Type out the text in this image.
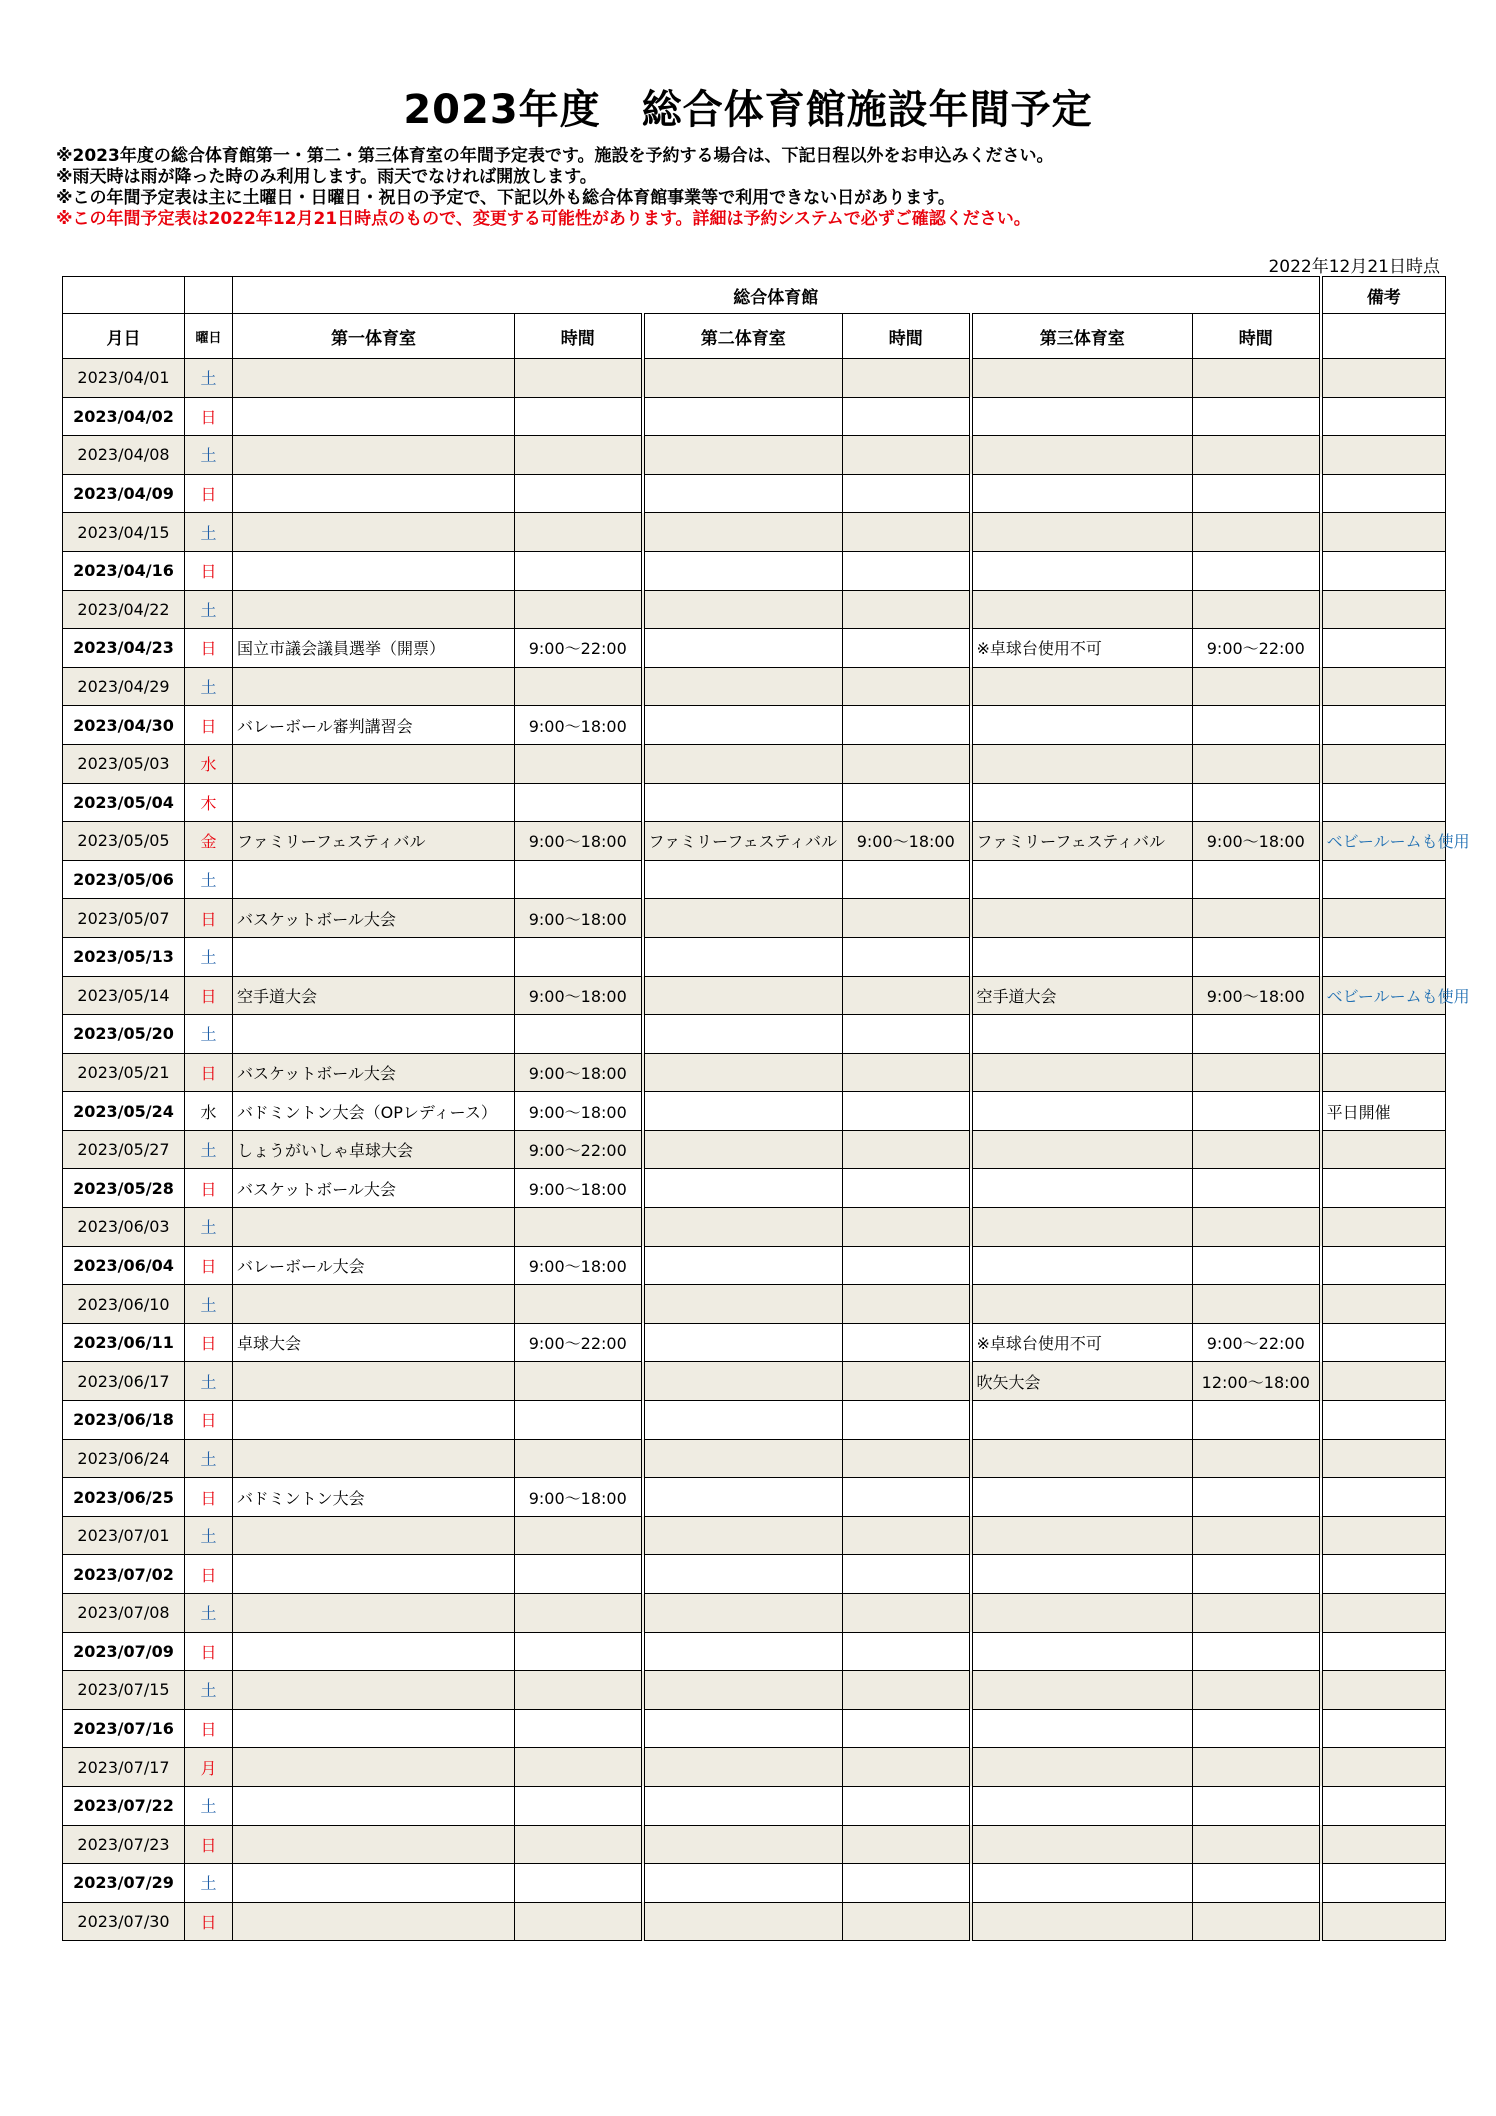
2023年度　総合体育館施設年間予定
※2023年度の総合体育館第一・第二・第三体育室の年間予定表です。施設を予約する場合は、下記日程以外をお申込みください。
※雨天時は雨が降った時のみ利用します。雨天でなければ開放します。
※この年間予定表は主に土曜日・日曜日・祝日の予定で、下記以外も総合体育館事業等で利用できない日があります。
※この年間予定表は2022年12月21日時点のもので、変更する可能性があります。詳細は予約システムで必ずご確認ください。
2022年12月21日時点
		総合体育館						備考
月日	曜日	第一体育室	時間	第二体育室	時間	第三体育室	時間	
2023/04/01	土							
2023/04/02	日							
2023/04/08	土							
2023/04/09	日							
2023/04/15	土							
2023/04/16	日							
2023/04/22	土							
2023/04/23	日	国立市議会議員選挙（開票）	9:00～22:00			※卓球台使用不可	9:00～22:00	
2023/04/29	土							
2023/04/30	日	バレーボール審判講習会	9:00～18:00					
2023/05/03	水							
2023/05/04	木							
2023/05/05	金	ファミリーフェスティバル	9:00～18:00	ファミリーフェスティバル	9:00～18:00	ファミリーフェスティバル	9:00～18:00	ベビールームも使用
2023/05/06	土							
2023/05/07	日	バスケットボール大会	9:00～18:00					
2023/05/13	土							
2023/05/14	日	空手道大会	9:00～18:00			空手道大会	9:00～18:00	ベビールームも使用
2023/05/20	土							
2023/05/21	日	バスケットボール大会	9:00～18:00					
2023/05/24	水	バドミントン大会（OPレディース）	9:00～18:00					平日開催
2023/05/27	土	しょうがいしゃ卓球大会	9:00～22:00					
2023/05/28	日	バスケットボール大会	9:00～18:00					
2023/06/03	土							
2023/06/04	日	バレーボール大会	9:00～18:00					
2023/06/10	土							
2023/06/11	日	卓球大会	9:00～22:00			※卓球台使用不可	9:00～22:00	
2023/06/17	土					吹矢大会	12:00～18:00	
2023/06/18	日							
2023/06/24	土							
2023/06/25	日	バドミントン大会	9:00～18:00					
2023/07/01	土							
2023/07/02	日							
2023/07/08	土							
2023/07/09	日							
2023/07/15	土							
2023/07/16	日							
2023/07/17	月							
2023/07/22	土							
2023/07/23	日							
2023/07/29	土							
2023/07/30	日							
